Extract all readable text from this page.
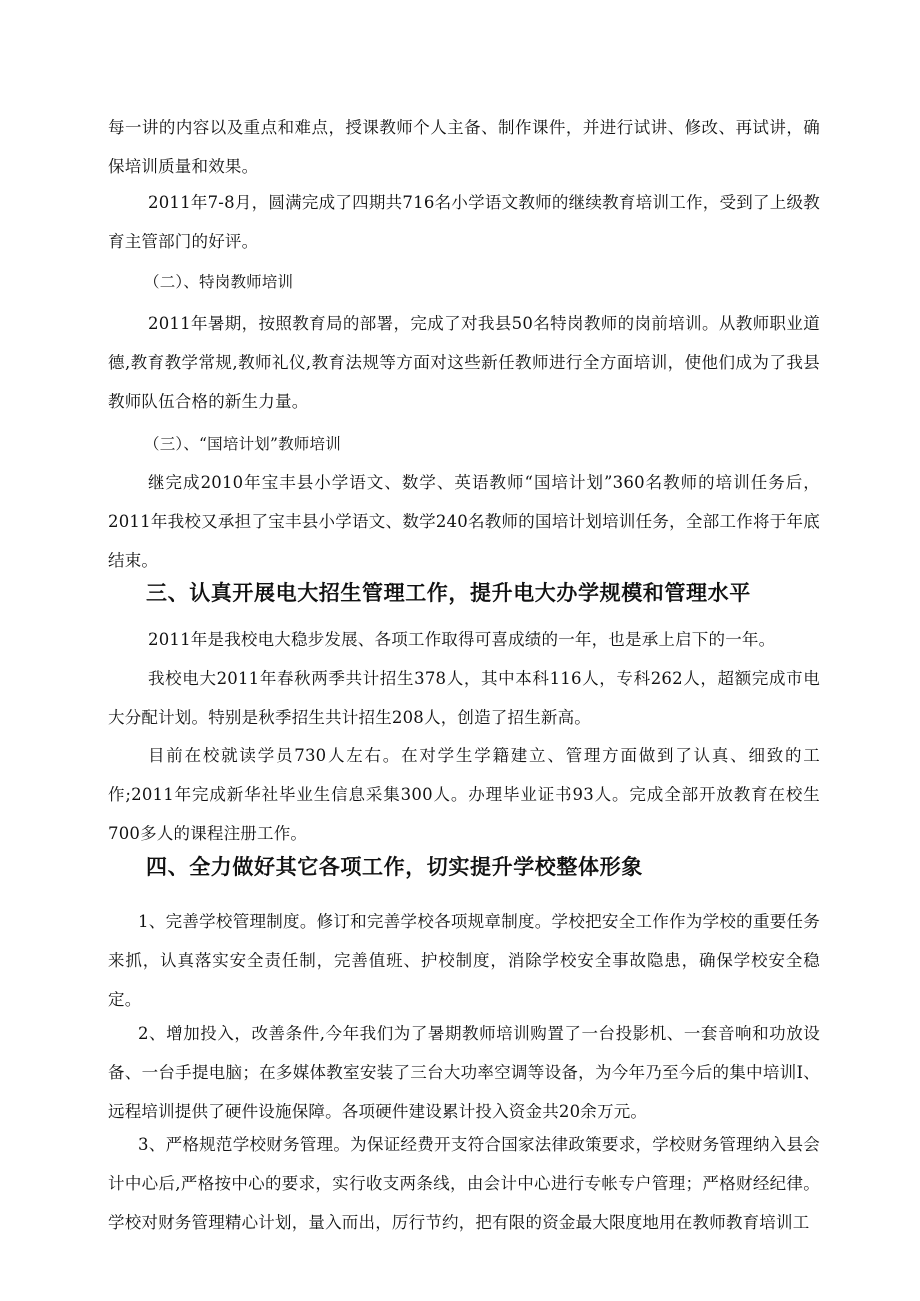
每一讲的内容以及重点和难点，授课教师个人主备、制作课件，并进行试讲、修改、再试讲，确保培训质量和效果。

2011年7-8月，圆满完成了四期共716名小学语文教师的继续教育培训工作，受到了上级教育主管部门的好评。

（二）、特岗教师培训

2011年暑期，按照教育局的部署，完成了对我县50名特岗教师的岗前培训。从教师职业道德,教育教学常规,教师礼仪,教育法规等方面对这些新任教师进行全方面培训，使他们成为了我县教师队伍合格的新生力量。

（三）、“国培计划”教师培训

继完成2010年宝丰县小学语文、数学、英语教师“国培计划”360名教师的培训任务后，2011年我校又承担了宝丰县小学语文、数学240名教师的国培计划培训任务，全部工作将于年底结束。

三、认真开展电大招生管理工作，提升电大办学规模和管理水平

2011年是我校电大稳步发展、各项工作取得可喜成绩的一年，也是承上启下的一年。

我校电大2011年春秋两季共计招生378人，其中本科116人，专科262人，超额完成市电大分配计划。特别是秋季招生共计招生208人，创造了招生新高。

目前在校就读学员730人左右。在对学生学籍建立、管理方面做到了认真、细致的工作;2011年完成新华社毕业生信息采集300人。办理毕业证书93人。完成全部开放教育在校生700多人的课程注册工作。

四、全力做好其它各项工作，切实提升学校整体形象

1、完善学校管理制度。修订和完善学校各项规章制度。学校把安全工作作为学校的重要任务来抓，认真落实安全责任制，完善值班、护校制度，消除学校安全事故隐患，确保学校安全稳定。

2、增加投入，改善条件,今年我们为了暑期教师培训购置了一台投影机、一套音响和功放设备、一台手提电脑；在多媒体教室安装了三台大功率空调等设备，为今年乃至今后的集中培训I、远程培训提供了硬件设施保障。各项硬件建设累计投入资金共20余万元。

3、严格规范学校财务管理。为保证经费开支符合国家法律政策要求，学校财务管理纳入县会计中心后,严格按中心的要求，实行收支两条线，由会计中心进行专帐专户管理；严格财经纪律。学校对财务管理精心计划，量入而出，厉行节约，把有限的资金最大限度地用在教师教育培训工
